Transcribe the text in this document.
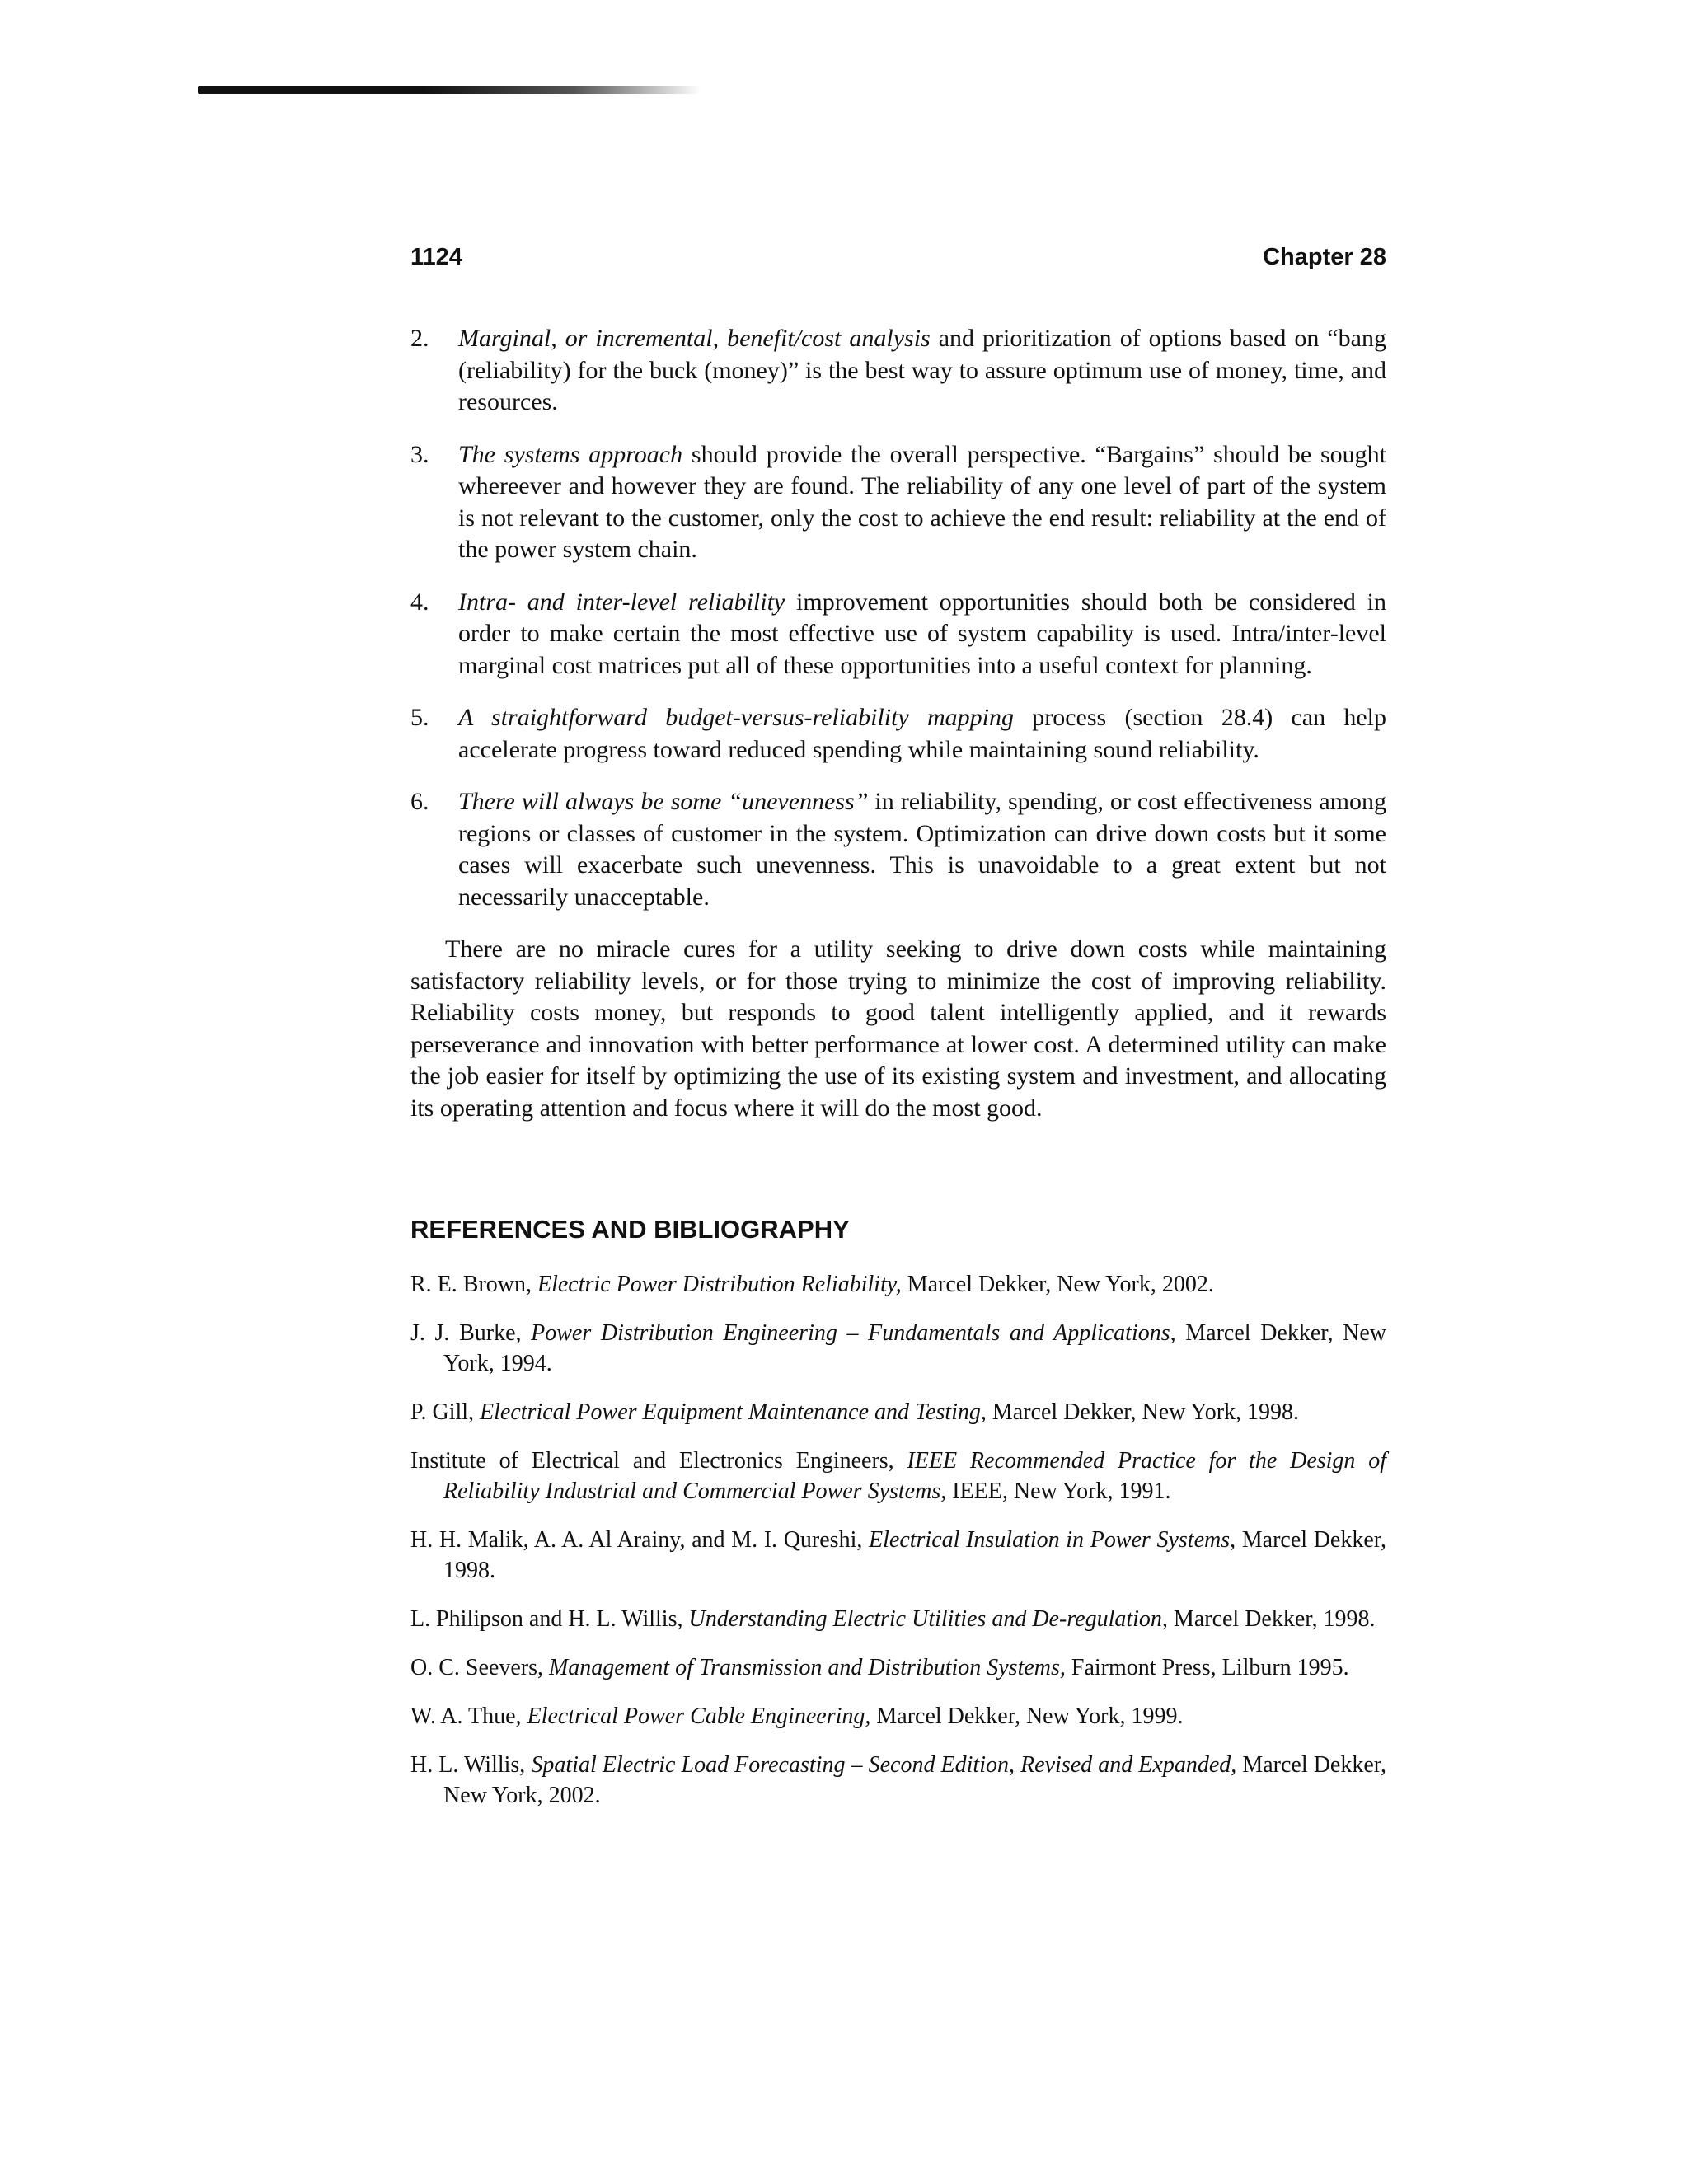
1124	Chapter 28
2.	Marginal, or incremental, benefit/cost analysis and prioritization of options based on “bang (reliability) for the buck (money)” is the best way to assure optimum use of money, time, and resources.
3.	The systems approach should provide the overall perspective. “Bargains” should be sought whereever and however they are found. The reliability of any one level of part of the system is not relevant to the customer, only the cost to achieve the end result: reliability at the end of the power system chain.
4.	Intra- and inter-level reliability improvement opportunities should both be considered in order to make certain the most effective use of system capability is used. Intra/inter-level marginal cost matrices put all of these opportunities into a useful context for planning.
5.	A straightforward budget-versus-reliability mapping process (section 28.4) can help accelerate progress toward reduced spending while maintaining sound reliability.
6.	There will always be some “unevenness” in reliability, spending, or cost effectiveness among regions or classes of customer in the system. Optimization can drive down costs but it some cases will exacerbate such unevenness. This is unavoidable to a great extent but not necessarily unacceptable.

There are no miracle cures for a utility seeking to drive down costs while maintaining satisfactory reliability levels, or for those trying to minimize the cost of improving reliability. Reliability costs money, but responds to good talent intelligently applied, and it rewards perseverance and innovation with better performance at lower cost. A determined utility can make the job easier for itself by optimizing the use of its existing system and investment, and allocating its operating attention and focus where it will do the most good.

REFERENCES AND BIBLIOGRAPHY
R. E. Brown, Electric Power Distribution Reliability, Marcel Dekker, New York, 2002.
J. J. Burke, Power Distribution Engineering – Fundamentals and Applications, Marcel Dekker, New York, 1994.
P. Gill, Electrical Power Equipment Maintenance and Testing, Marcel Dekker, New York, 1998.
Institute of Electrical and Electronics Engineers, IEEE Recommended Practice for the Design of Reliability Industrial and Commercial Power Systems, IEEE, New York, 1991.
H. H. Malik, A. A. Al Arainy, and M. I. Qureshi, Electrical Insulation in Power Systems, Marcel Dekker, 1998.
L. Philipson and H. L. Willis, Understanding Electric Utilities and De-regulation, Marcel Dekker, 1998.
O. C. Seevers, Management of Transmission and Distribution Systems, Fairmont Press, Lilburn 1995.
W. A. Thue, Electrical Power Cable Engineering, Marcel Dekker, New York, 1999.
H. L. Willis, Spatial Electric Load Forecasting – Second Edition, Revised and Expanded, Marcel Dekker, New York, 2002.
